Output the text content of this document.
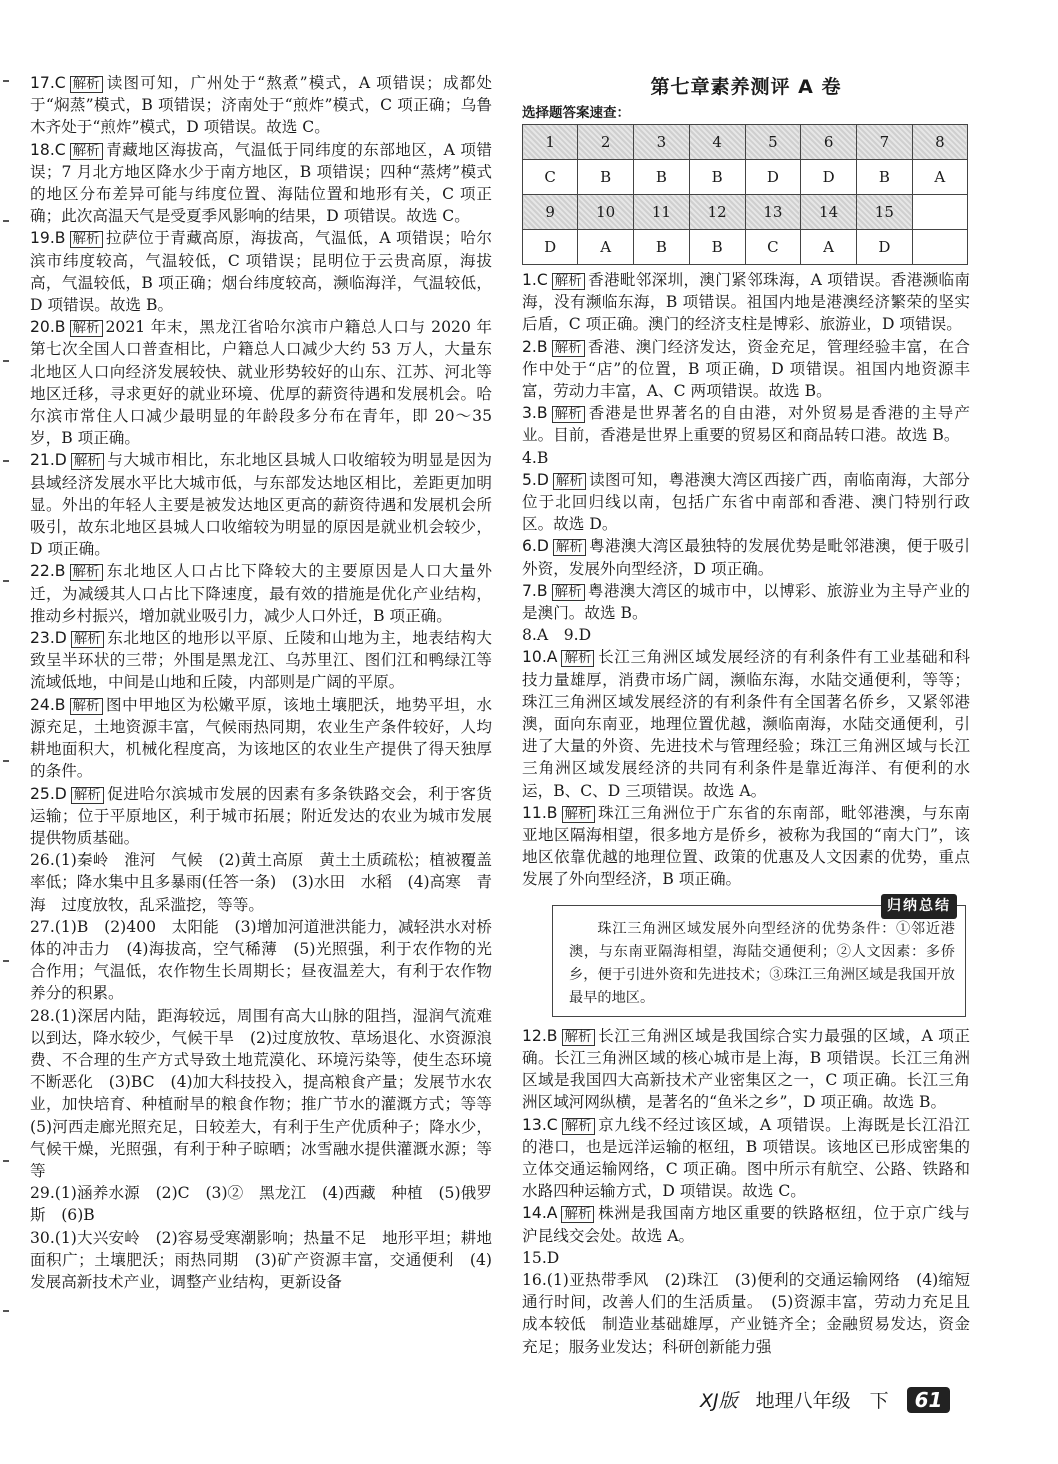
17.C 解析 读图可知，广州处于“熬煮”模式，A 项错误；成都处于“焖蒸”模式，B 项错误；济南处于“煎炸”模式，C 项正确；乌鲁木齐处于“煎炸”模式，D 项错误。故选 C。

18.C 解析 青藏地区海拔高，气温低于同纬度的东部地区，A 项错误；7 月北方地区降水少于南方地区，B 项错误；四种“蒸烤”模式的地区分布差异可能与纬度位置、海陆位置和地形有关，C 项正确；此次高温天气是受夏季风影响的结果，D 项错误。故选 C。

19.B 解析 拉萨位于青藏高原，海拔高，气温低，A 项错误；哈尔滨市纬度较高，气温较低，C 项错误；昆明位于云贵高原，海拔高，气温较低，B 项正确；烟台纬度较高，濒临海洋，气温较低，D 项错误。故选 B。

20.B 解析 2021 年末，黑龙江省哈尔滨市户籍总人口与 2020 年第七次全国人口普查相比，户籍总人口减少大约 53 万人，大量东北地区人口向经济发展较快、就业形势较好的山东、江苏、河北等地区迁移，寻求更好的就业环境、优厚的薪资待遇和发展机会。哈尔滨市常住人口减少最明显的年龄段多分布在青年，即 20～35 岁，B 项正确。

21.D 解析 与大城市相比，东北地区县城人口收缩较为明显是因为县域经济发展水平比大城市低，与东部发达地区相比，差距更加明显。外出的年轻人主要是被发达地区更高的薪资待遇和发展机会所吸引，故东北地区县城人口收缩较为明显的原因是就业机会较少，D 项正确。

22.B 解析 东北地区人口占比下降较大的主要原因是人口大量外迁，为减缓其人口占比下降速度，最有效的措施是优化产业结构，推动乡村振兴，增加就业吸引力，减少人口外迁，B 项正确。

23.D 解析 东北地区的地形以平原、丘陵和山地为主，地表结构大致呈半环状的三带；外围是黑龙江、乌苏里江、图们江和鸭绿江等流域低地，中间是山地和丘陵，内部则是广阔的平原。

24.B 解析 图中甲地区为松嫩平原，该地土壤肥沃，地势平坦，水源充足，土地资源丰富，气候雨热同期，农业生产条件较好，人均耕地面积大，机械化程度高，为该地区的农业生产提供了得天独厚的条件。

25.D 解析 促进哈尔滨城市发展的因素有多条铁路交会，利于客货运输；位于平原地区，利于城市拓展；附近发达的农业为城市发展提供物质基础。

26.(1)秦岭　淮河　气候　(2)黄土高原　黄土土质疏松；植被覆盖率低；降水集中且多暴雨(任答一条)　(3)水田　水稻　(4)高寒　青海　过度放牧，乱采滥挖，等等。

27.(1)B　(2)400　太阳能　(3)增加河道泄洪能力，减轻洪水对桥体的冲击力　(4)海拔高，空气稀薄　(5)光照强，利于农作物的光合作用；气温低，农作物生长周期长；昼夜温差大，有利于农作物养分的积累。

28.(1)深居内陆，距海较远，周围有高大山脉的阻挡，湿润气流难以到达，降水较少，气候干旱　(2)过度放牧、草场退化、水资源浪费、不合理的生产方式导致土地荒漠化、环境污染等，使生态环境不断恶化　(3)BC　(4)加大科技投入，提高粮食产量；发展节水农业，加快培育、种植耐旱的粮食作物；推广节水的灌溉方式；等等　(5)河西走廊光照充足，日较差大，有利于生产优质种子；降水少，气候干燥，光照强，有利于种子晾晒；冰雪融水提供灌溉水源；等等

29.(1)涵养水源　(2)C　(3)②　黑龙江　(4)西藏　种植　(5)俄罗斯　(6)B

30.(1)大兴安岭　(2)容易受寒潮影响；热量不足　地形平坦；耕地面积广；土壤肥沃；雨热同期　(3)矿产资源丰富，交通便利　(4)发展高新技术产业，调整产业结构，更新设备

第七章素养测评 A 卷

选择题答案速查：

1	2	3	4	5	6	7	8
C	B	B	B	D	D	B	A
9	10	11	12	13	14	15	
D	A	B	B	C	A	D	

1.C 解析 香港毗邻深圳，澳门紧邻珠海，A 项错误。香港濒临南海，没有濒临东海，B 项错误。祖国内地是港澳经济繁荣的坚实后盾，C 项正确。澳门的经济支柱是博彩、旅游业，D 项错误。

2.B 解析 香港、澳门经济发达，资金充足，管理经验丰富，在合作中处于“店”的位置，B 项正确，D 项错误。祖国内地资源丰富，劳动力丰富，A、C 两项错误。故选 B。

3.B 解析 香港是世界著名的自由港，对外贸易是香港的主导产业。目前，香港是世界上重要的贸易区和商品转口港。故选 B。

4.B

5.D 解析 读图可知，粤港澳大湾区西接广西，南临南海，大部分位于北回归线以南，包括广东省中南部和香港、澳门特别行政区。故选 D。

6.D 解析 粤港澳大湾区最独特的发展优势是毗邻港澳，便于吸引外资，发展外向型经济，D 项正确。

7.B 解析 粤港澳大湾区的城市中，以博彩、旅游业为主导产业的是澳门。故选 B。

8.A　9.D

10.A 解析 长江三角洲区域发展经济的有利条件有工业基础和科技力量雄厚，消费市场广阔，濒临东海，水陆交通便利，等等；珠江三角洲区域发展经济的有利条件有全国著名侨乡，又紧邻港澳，面向东南亚，地理位置优越，濒临南海，水陆交通便利，引进了大量的外资、先进技术与管理经验；珠江三角洲区域与长江三角洲区域发展经济的共同有利条件是靠近海洋、有便利的水运，B、C、D 三项错误。故选 A。

11.B 解析 珠江三角洲位于广东省的东南部，毗邻港澳，与东南亚地区隔海相望，很多地方是侨乡，被称为我国的“南大门”，该地区依靠优越的地理位置、政策的优惠及人文因素的优势，重点发展了外向型经济，B 项正确。

归纳总结

珠江三角洲区域发展外向型经济的优势条件：①邻近港澳，与东南亚隔海相望，海陆交通便利；②人文因素：多侨乡，便于引进外资和先进技术；③珠江三角洲区域是我国开放最早的地区。

12.B 解析 长江三角洲区域是我国综合实力最强的区域，A 项正确。长江三角洲区域的核心城市是上海，B 项错误。长江三角洲区域是我国四大高新技术产业密集区之一，C 项正确。长江三角洲区域河网纵横，是著名的“鱼米之乡”，D 项正确。故选 B。

13.C 解析 京九线不经过该区域，A 项错误。上海既是长江沿江的港口，也是远洋运输的枢纽，B 项错误。该地区已形成密集的立体交通运输网络，C 项正确。图中所示有航空、公路、铁路和水路四种运输方式，D 项错误。故选 C。

14.A 解析 株洲是我国南方地区重要的铁路枢纽，位于京广线与沪昆线交会处。故选 A。

15.D

16.(1)亚热带季风　(2)珠江　(3)便利的交通运输网络　(4)缩短通行时间，改善人们的生活质量。　(5)资源丰富，劳动力充足且成本较低　制造业基础雄厚，产业链齐全；金融贸易发达，资金充足；服务业发达；科研创新能力强

XJ版 地理八年级　下	61
